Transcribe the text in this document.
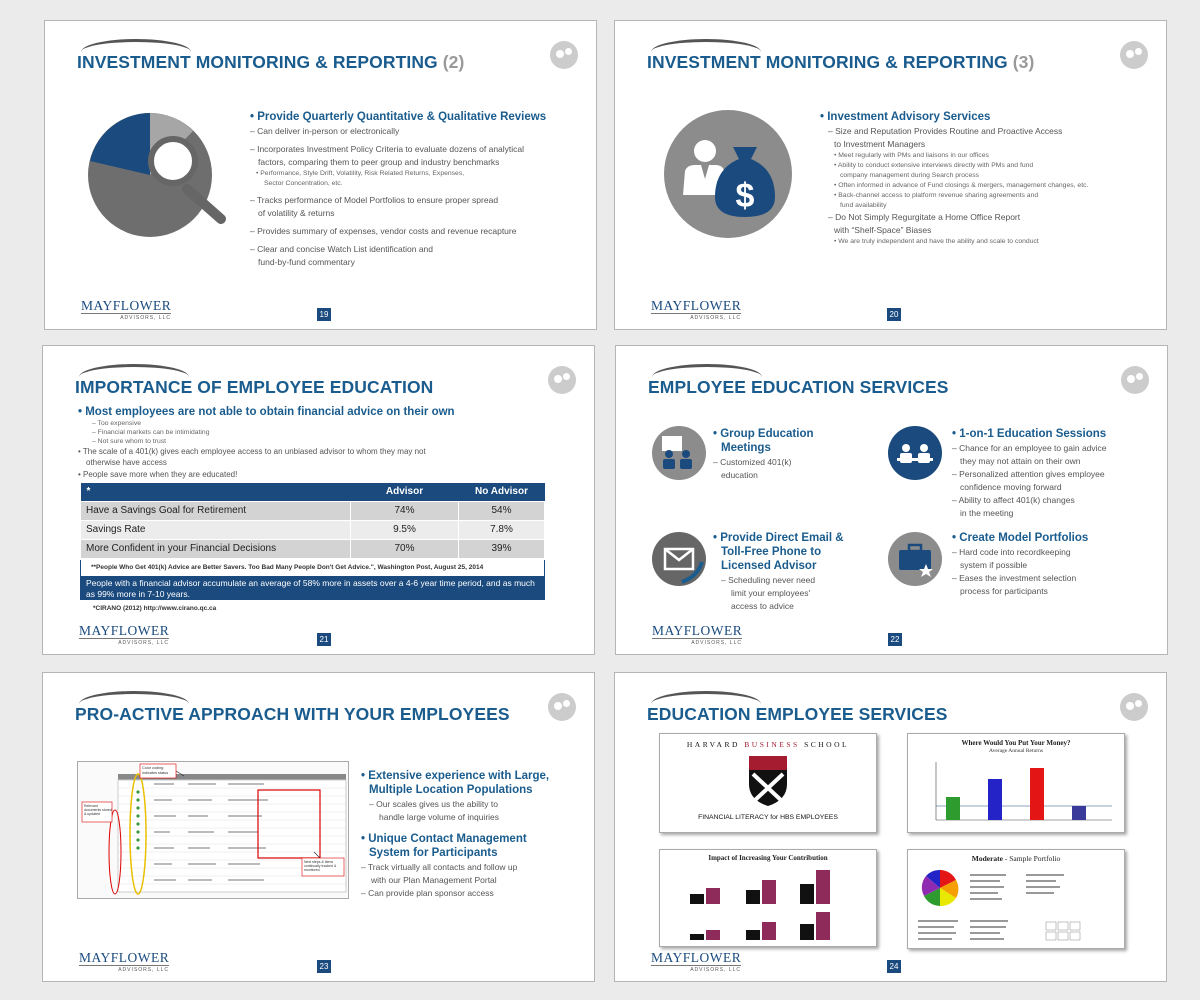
INVESTMENT MONITORING & REPORTING (2)
• Provide Quarterly Quantitative & Qualitative Reviews
– Can deliver in-person or electronically
– Incorporates Investment Policy Criteria to evaluate dozens of analytical
factors, comparing them to peer group and industry benchmarks
• Performance, Style Drift, Volatility, Risk Related Returns, Expenses,
Sector Concentration, etc.
– Tracks performance of Model Portfolios to ensure proper spread
of volatility & returns
– Provides summary of expenses, vendor costs and revenue recapture
– Clear and concise Watch List identification and
fund-by-fund commentary
MAYFLOWER
ADVISORS, LLC	19
INVESTMENT MONITORING & REPORTING (3)
$
• Investment Advisory Services
– Size and Reputation Provides Routine and Proactive Access
to Investment Managers
• Meet regularly with PMs and liaisons in our offices
• Ability to conduct extensive interviews directly with PMs and fund
company management during Search process
• Often informed in advance of Fund closings & mergers, management changes, etc.
• Back-channel access to platform revenue sharing agreements and
fund availability
– Do Not Simply Regurgitate a Home Office Report
with “Shelf-Space” Biases
• We are truly independent and have the ability and scale to conduct
MAYFLOWER
ADVISORS, LLC	20
IMPORTANCE OF EMPLOYEE EDUCATION
• Most employees are not able to obtain financial advice on their own
– Too expensive
– Financial markets can be intimidating
– Not sure whom to trust
• The scale of a 401(k) gives each employee access to an unbiased advisor to whom they may not
otherwise have access
• People save more when they are educated!
*	Advisor	No Advisor
Have a Savings Goal for Retirement	74%	54%
Savings Rate	9.5%	7.8%
More Confident in your Financial Decisions	70%	39%
**People Who Get 401(k) Advice are Better Savers. Too Bad Many People Don't Get Advice.", Washington Post, August 25, 2014
People with a financial advisor accumulate an average of 58% more in assets over a 4-6 year time period, and as much as 99% more in 7-10 years.
*CIRANO (2012) http://www.cirano.qc.ca
MAYFLOWER
ADVISORS, LLC	21
EMPLOYEE EDUCATION SERVICES
• Group Education
Meetings
– Customized 401(k)
education
• 1-on-1 Education Sessions
– Chance for an employee to gain advice
they may not attain on their own
– Personalized attention gives employee
confidence moving forward
– Ability to affect 401(k) changes
in the meeting
• Provide Direct Email &
Toll-Free Phone to
Licensed Advisor
– Scheduling never need
limit your employees'
access to advice
• Create Model Portfolios
– Hard code into recordkeeping
system if possible
– Eases the investment selection
process for participants
MAYFLOWER
ADVISORS, LLC	22
PRO-ACTIVE APPROACH WITH YOUR EMPLOYEES
Color coding indicates status
Relevant documents stored & updated
Next steps & items continually tracked & monitored
• Extensive experience with Large,
Multiple Location Populations
– Our scales gives us the ability to
handle large volume of inquiries
• Unique Contact Management
System for Participants
– Track virtually all contacts and follow up
with our Plan Management Portal
– Can provide plan sponsor access
MAYFLOWER
ADVISORS, LLC	23
EDUCATION EMPLOYEE SERVICES
HARVARD BUSINESS SCHOOL
FINANCIAL LITERACY for HBS EMPLOYEES
Where Would You Put Your Money?
Average Annual Returns
Impact of Increasing Your Contribution	Moderate - Sample Portfolio
MAYFLOWER
ADVISORS, LLC	24
